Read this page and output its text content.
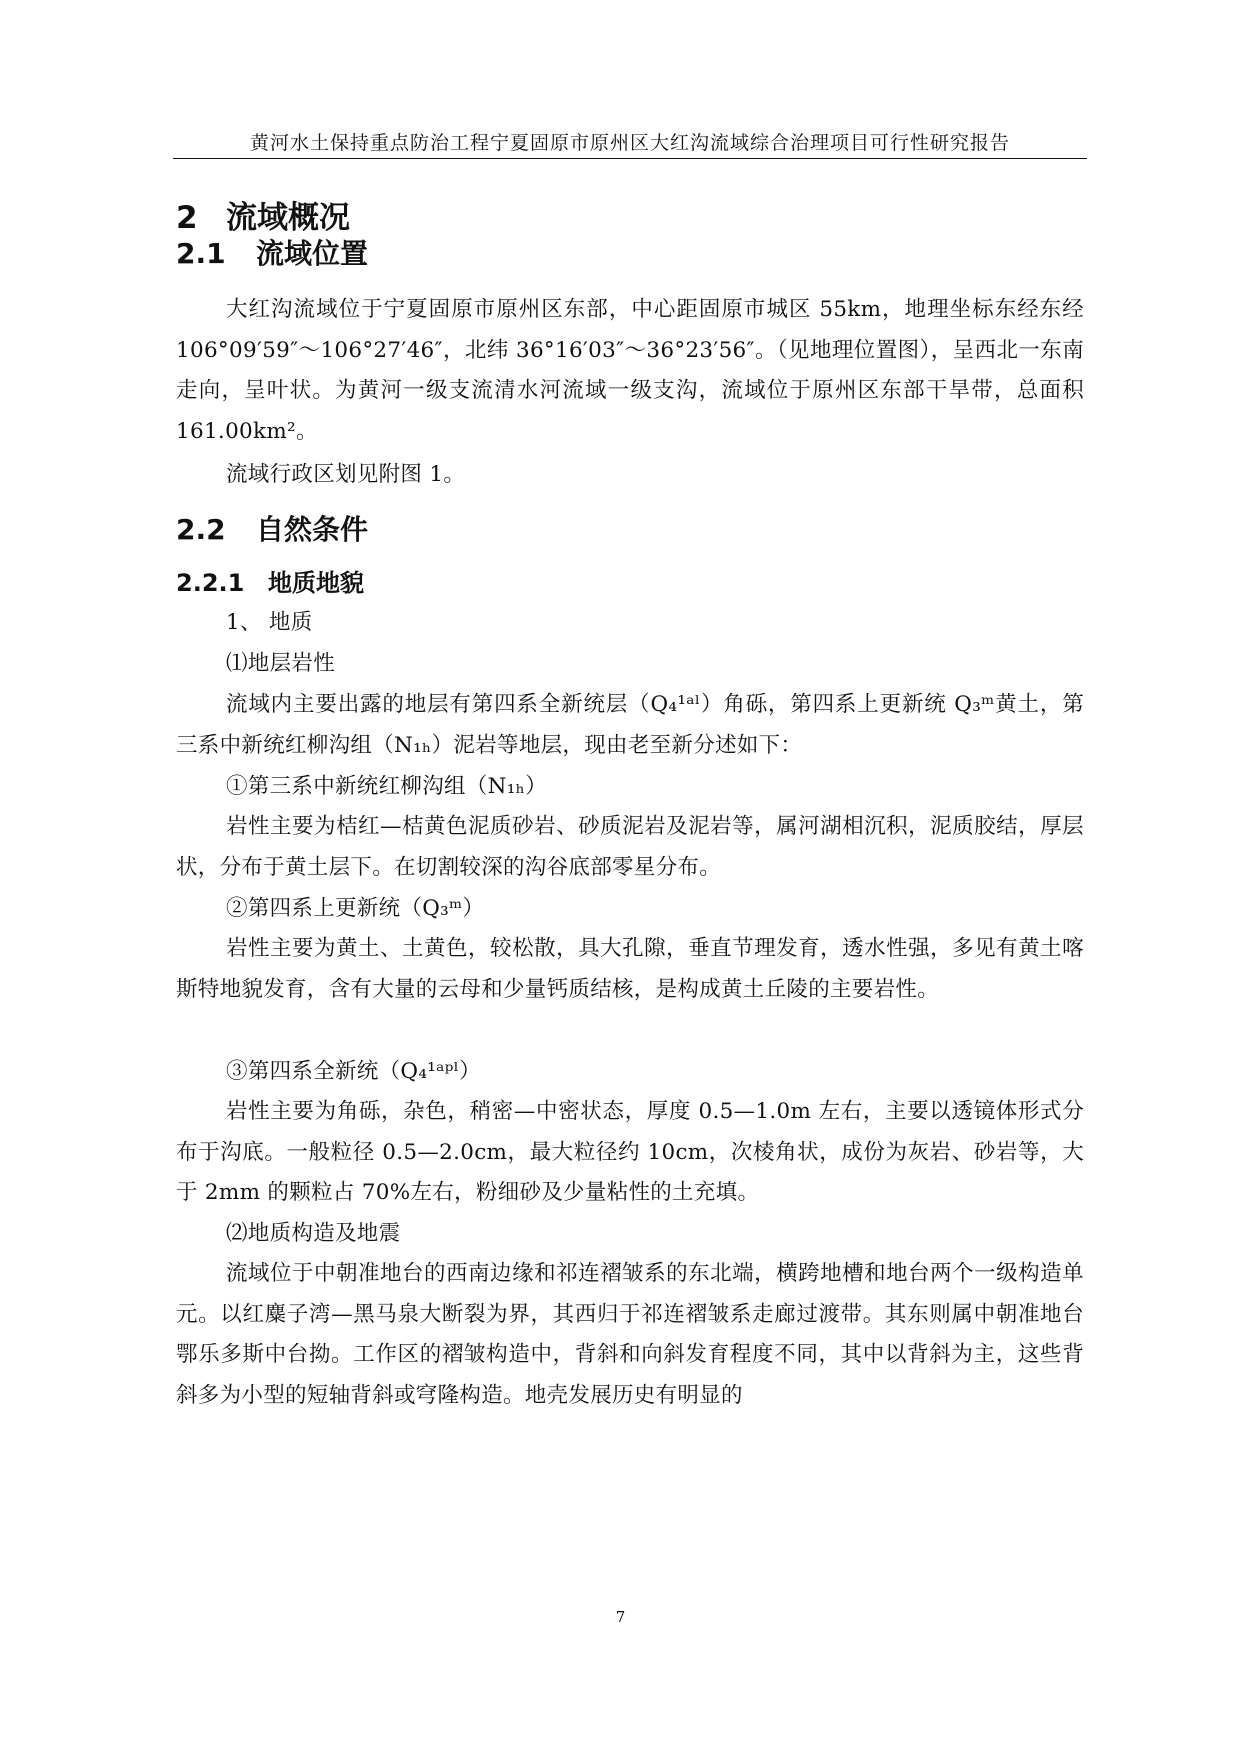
黄河水土保持重点防治工程宁夏固原市原州区大红沟流域综合治理项目可行性研究报告
2 流域概况
2.1 流域位置

大红沟流域位于宁夏固原市原州区东部，中心距固原市城区 55km，地理坐标东经东经 106°09′59″～106°27′46″，北纬 36°16′03″～36°23′56″。（见地理位置图），呈西北一东南走向，呈叶状。为黄河一级支流清水河流域一级支沟，流域位于原州区东部干旱带，总面积 161.00km²。

流域行政区划见附图 1。

2.2 自然条件
2.2.1 地质地貌

1、 地质

⑴地层岩性

流域内主要出露的地层有第四系全新统层（Q₄¹ᵃˡ）角砾，第四系上更新统 Q₃ᵐ黄土，第三系中新统红柳沟组（N₁ₕ）泥岩等地层，现由老至新分述如下：

①第三系中新统红柳沟组（N₁ₕ）

岩性主要为桔红—桔黄色泥质砂岩、砂质泥岩及泥岩等，属河湖相沉积，泥质胶结，厚层状，分布于黄土层下。在切割较深的沟谷底部零星分布。

②第四系上更新统（Q₃ᵐ）

岩性主要为黄土、土黄色，较松散，具大孔隙，垂直节理发育，透水性强，多见有黄土喀斯特地貌发育，含有大量的云母和少量钙质结核，是构成黄土丘陵的主要岩性。

③第四系全新统（Q₄¹ᵃᵖˡ）

岩性主要为角砾，杂色，稍密—中密状态，厚度 0.5—1.0m 左右，主要以透镜体形式分布于沟底。一般粒径 0.5—2.0cm，最大粒径约 10cm，次棱角状，成份为灰岩、砂岩等，大于 2mm 的颗粒占 70%左右，粉细砂及少量粘性的土充填。

⑵地质构造及地震

流域位于中朝准地台的西南边缘和祁连褶皱系的东北端，横跨地槽和地台两个一级构造单元。以红麋子湾—黑马泉大断裂为界，其西归于祁连褶皱系走廊过渡带。其东则属中朝准地台鄂乐多斯中台拗。工作区的褶皱构造中，背斜和向斜发育程度不同，其中以背斜为主，这些背斜多为小型的短轴背斜或穹隆构造。地壳发展历史有明显的

7
